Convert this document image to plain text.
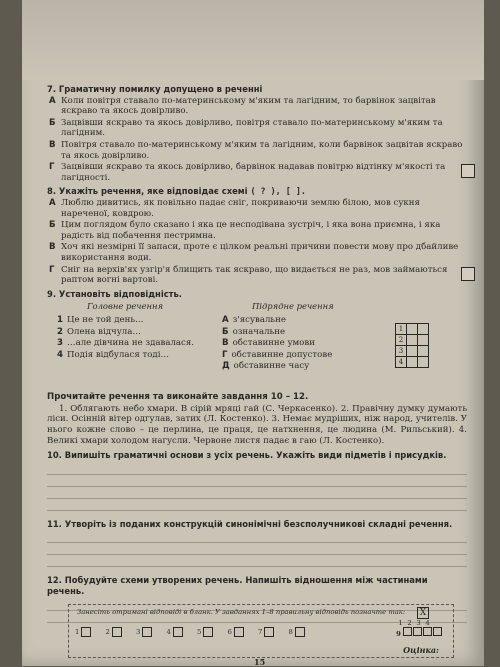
7. Граматичну помилку допущено в реченні
А Коли повітря ставало по-материнському м'яким та лагідним, то барвінок зацвітав яскраво та якось довірливо.
Б Зацвівши яскраво та якось довірливо, повітря ставало по-материнському м'яким та лагідним.
В Повітря ставало по-материнському м'яким та лагідним, коли барвінок зацвітав яскраво та якось довірливо.
Г Зацвівши яскраво та якось довірливо, барвінок надавав повітрю відтінку м'якості та лагідності.
8. Укажіть речення, яке відповідає схемі ( ? ), [ ].
А Люблю дивитись, як повільно падає сніг, покриваючи землю білою, мов сукня нареченої, ковдрою.
Б Цим поглядом було сказано і яка це несподівана зустріч, і яка вона приємна, і яка радість від побачення пестримна.
В Хоч які незмірні її запаси, проте є цілком реальні причини повести мову про дбайливе використання води.
Г Сніг на верхів'ях узгір'я блищить так яскраво, що видається не раз, мов займаються раптом вогні вартові.
9. Установіть відповідність.
Головне речення	Підрядне речення
1 Це не той день…
2 Олена відчула…
3 …але дівчина не здавалася.
4 Подія відбулася тоді…
А з'ясувальне
Б означальне
В обставинне умови
Г обставинне допустове
Д обставинне часу
1		
2		
3		
4		
Прочитайте речення та виконайте завдання 10 – 12.
1. Облягають небо хмари. В сірій мряці гай (С. Черкасенко). 2. Правічну думку думають ліси. Осінній вітер одгулав, затих (Л. Костенко). 3. Немає мудріших, ніж народ, учителів. У нього кожне слово – це перлина, це праця, це натхнення, це людина (М. Рильський). 4. Великі хмари холодом нагусли. Червоне листя падає в гаю (Л. Костенко).
10. Випишіть граматичні основи з усіх речень. Укажіть види підметів і присудків.
11. Утворіть із поданих конструкцій синонімічні безсполучникові складні речення.
12. Побудуйте схеми утворених речень. Напишіть відношення між частинами речень.
Занесіть отримані відповіді в бланк. У завданнях 1–8 правильну відповідь позначте так:	X
1	2	3	4	5	6	7	8
1 2 3 4
9
Оцінка:
15
